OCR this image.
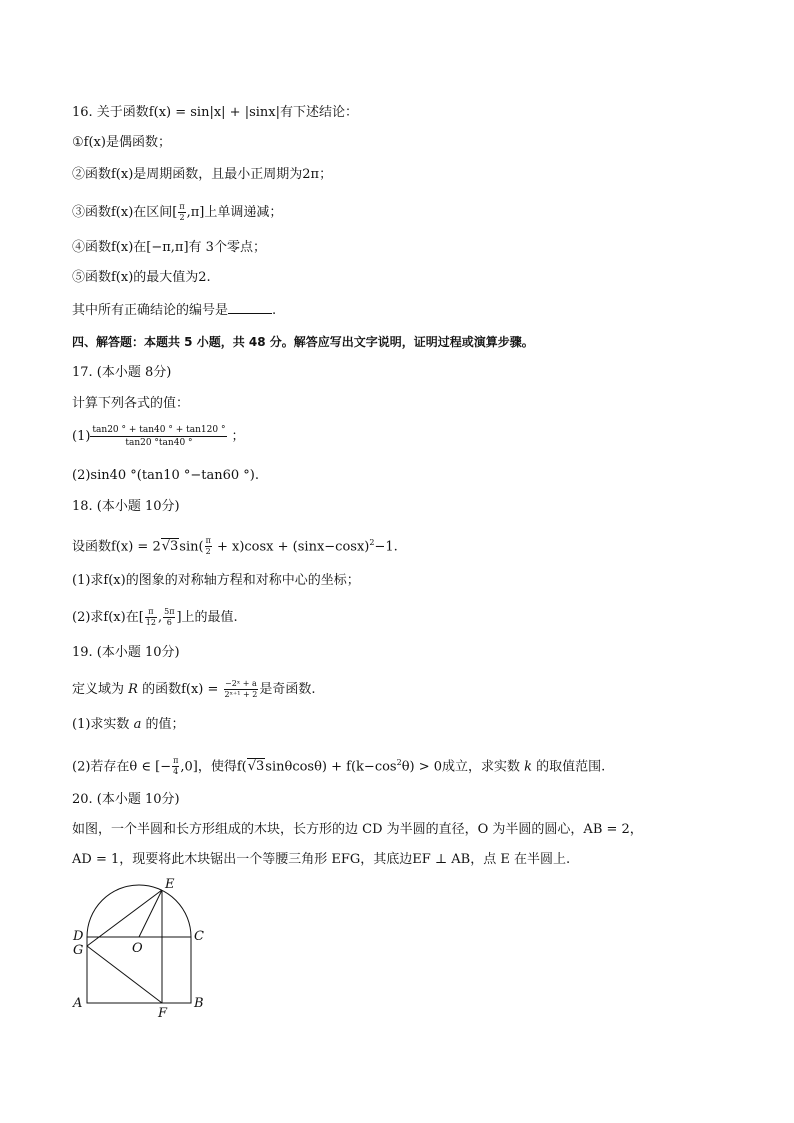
16. 关于函数f(x) = sin|x| + |sinx|有下述结论：
①f(x)是偶函数；
②函数f(x)是周期函数，且最小正周期为2π；
③函数f(x)在区间[ $\frac{\pi}{2} ,\pi$]上单调递减；
④函数f(x)在[−π,π]有 3个零点；
⑤函数f(x)的最大值为2.
其中所有正确结论的编号是	.
四、解答题：本题共 5 小题，共 48 分。解答应写出文字说明，证明过程或演算步骤。
17. (本小题 8分)
计算下列各式的值：
$(1) \frac{\tan 20 ^\circ + \tan 40 ^\circ + \tan 120 ^\circ}{\tan 20 ^\circ\tan 40 ^\circ}$ ；
(2)sin40 °(tan10 °−tan60 °).
18. (本小题 10分)
设函数$f(x) = 2√3\sin( \frac{\pi}{2} + x)\cos x + (\sin x-\cos x)^2-1$.
(1)求f(x)的图象的对称轴方程和对称中心的坐标；
(2)求f(x)在[ $\frac{\pi}{12}$ , $\frac{5\pi}{6}$ ]上的最值.
19. (本小题 10分)
定义域为 R 的函数$f(x) = \frac{\text{−2ˣ + a}}{\text{2ˣ⁺¹ + 2}}$ 是奇函数.
(1)求实数 a 的值；
(2)若存在θ ∈ [− $\frac{\pi}{4} ,0$]，使得$f(√3\sin\theta\cos\theta) + f(k-\cos^2\theta) > 0$成立，求实数 k 的取值范围.
20. (本小题 10分)
如图，一个半圆和长方形组成的木块，长方形的边 CD 为半圆的直径，O 为半圆的圆心，AB = 2，
AD = 1，现要将此木块锯出一个等腰三角形 EFG，其底边EF ⊥ AB，点 E 在半圆上.
E
D	C
G	O
A	B
F
